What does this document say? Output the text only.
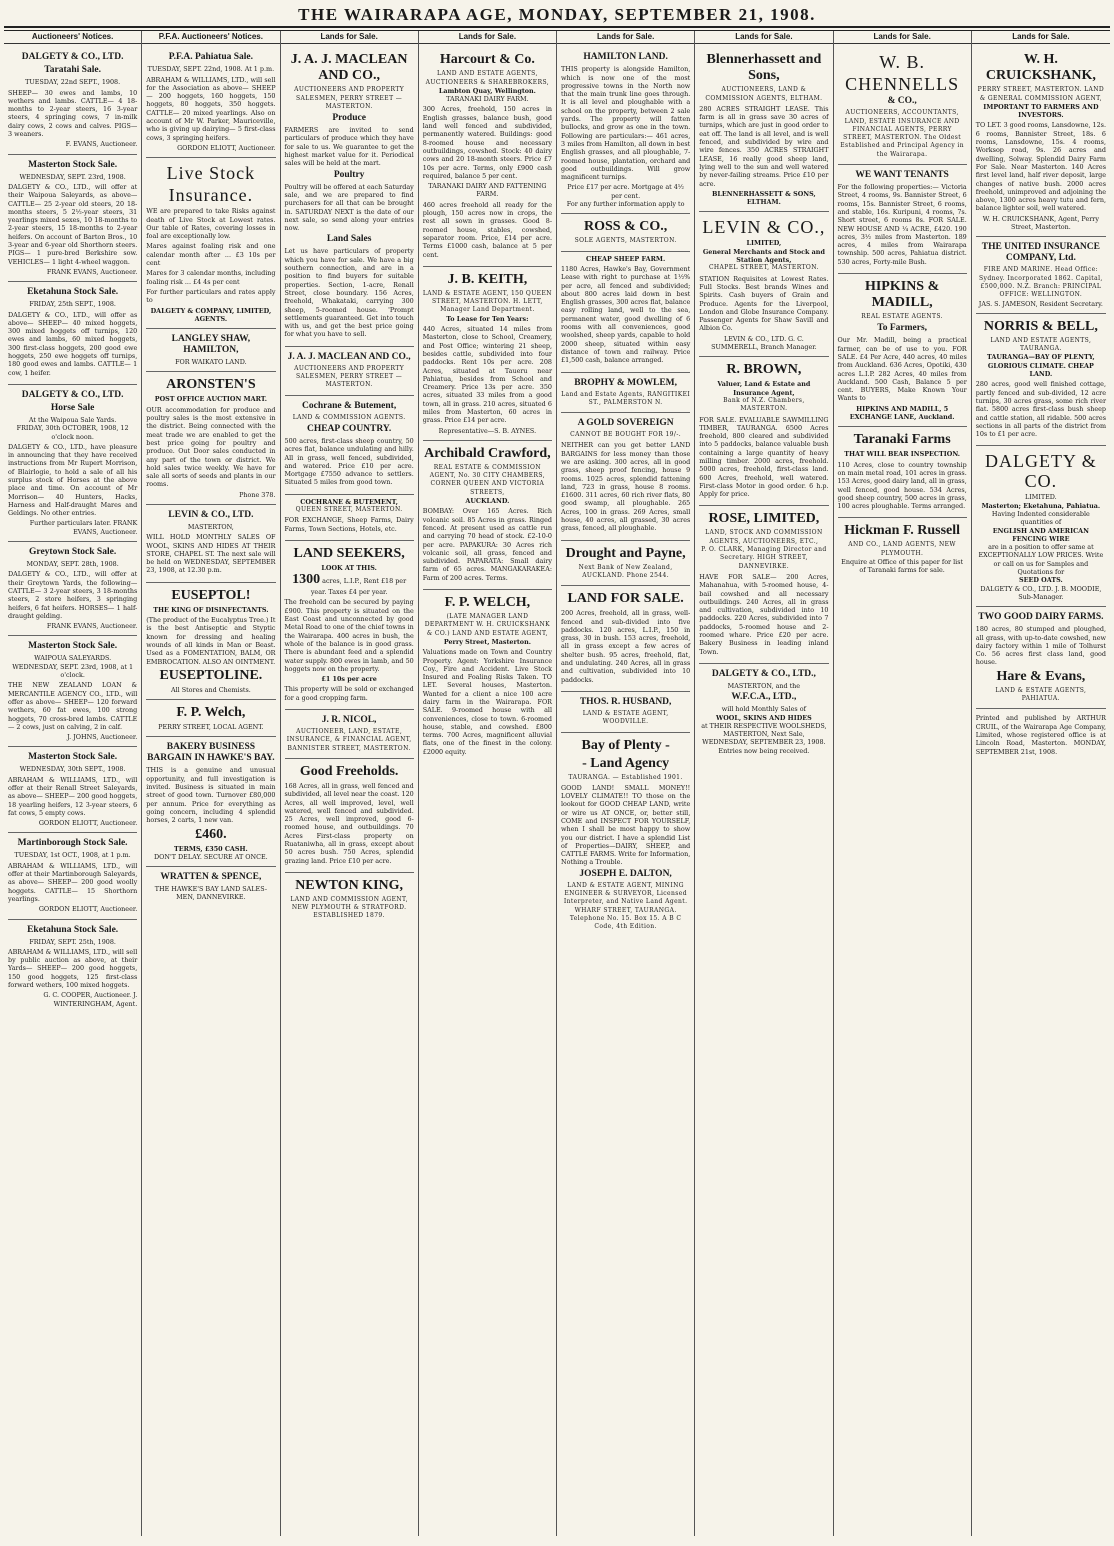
THE WAIRARAPA AGE, MONDAY, SEPTEMBER 21, 1908.
Auctioneers' Notices.
DALGETY & CO., LTD.
Taratahi Sale.
TUESDAY, 22nd SEPT., 1908.

SHEEP— 30 ewes and lambs, 10 wethers and lambs. CATTLE— 4 18-months to 2-year steers, 16 3-year steers, 4 springing cows, 7 in-milk dairy cows, 2 cows and calves. PIGS— 3 weaners.

F. EVANS, Auctioneer.
Masterton Stock Sale.
WEDNESDAY, SEPT. 23rd, 1908.

DALGETY & CO., LTD., will offer at their Waipoua Saleyards, as above— CATTLE— 25 2-year old steers, 20 18-months steers, 5 2½-year steers, 31 yearlings mixed sexes, 10 18-months to 2-year steers, 15 18-months to 2-year heifers. On account of Barton Bros., 10 3-year and 6-year old Shorthorn steers. PIGS— 1 pure-bred Berkshire sow. VEHICLES— 1 light 4-wheel waggon.

FRANK EVANS, Auctioneer.
Eketahuna Stock Sale.
FRIDAY, 25th SEPT., 1908.

DALGETY & CO., LTD., will offer as above— SHEEP— 40 mixed hoggets, 300 mixed hoggets off turnips, 120 ewes and lambs, 60 mixed hoggets, 300 first-class hoggets, 200 good ewe hoggets, 250 ewe hoggets off turnips, 180 good ewes and lambs. CATTLE— 1 cow, 1 heifer.

DALGETY & CO., LTD.
Horse Sale
At the Waipoua Sale Yards.
FRIDAY, 30th OCTOBER, 1908, 12 o'clock noon.

DALGETY & CO., LTD., have pleasure in announcing that they have received instructions from Mr Rupert Morrison, of Blairlogie, to hold a sale of all his surplus stock of Horses at the above place and time. On account of Mr Morrison— 40 Hunters, Hacks, Harness and Half-draught Mares and Geldings. No other entries.

Further particulars later. FRANK EVANS, Auctioneer.
Greytown Stock Sale.
MONDAY, SEPT. 28th, 1908.

DALGETY & CO., LTD., will offer at their Greytown Yards, the following— CATTLE— 3 2-year steers, 3 18-months steers, 2 store heifers, 3 springing heifers, 6 fat heifers. HORSES— 1 half-draught gelding.

FRANK EVANS, Auctioneer.
Masterton Stock Sale.
WAIPOUA SALEYARDS.
WEDNESDAY, SEPT. 23rd, 1908, at 1 o'clock.

THE NEW ZEALAND LOAN & MERCANTILE AGENCY CO., LTD., will offer as above— SHEEP— 120 forward wethers, 60 fat ewes, 100 strong hoggets, 70 cross-bred lambs. CATTLE— 2 cows, just on calving, 2 in calf.

J. JOHNS, Auctioneer.
Masterton Stock Sale.
WEDNESDAY, 30th SEPT., 1908.

ABRAHAM & WILLIAMS, LTD., will offer at their Renall Street Saleyards, as above— SHEEP— 200 good hoggets, 18 yearling heifers, 12 3-year steers, 6 fat cows, 5 empty cows.

GORDON ELIOTT, Auctioneer.
Martinborough Stock Sale.
TUESDAY, 1st OCT., 1908, at 1 p.m.

ABRAHAM & WILLIAMS, LTD., will offer at their Martinborough Saleyards, as above— SHEEP— 200 good woolly hoggets. CATTLE— 15 Shorthorn yearlings.

GORDON ELIOTT, Auctioneer.
Eketahuna Stock Sale.
FRIDAY, SEPT. 25th, 1908.

ABRAHAM & WILLIAMS, LTD., will sell by public auction as above, at their Yards— SHEEP— 200 good hoggets, 150 good hoggets, 125 first-class forward wethers, 100 mixed hoggets.

G. C. COOPER, Auctioneer. J. WINTERINGHAM, Agent.
P.F.A. Auctioneers' Notices.
P.F.A. Pahiatua Sale.
TUESDAY, SEPT. 22nd, 1908. At 1 p.m.

ABRAHAM & WILLIAMS, LTD., will sell for the Association as above— SHEEP— 200 hoggets, 160 hoggets, 150 hoggets, 80 hoggets, 350 hoggets. CATTLE— 20 mixed yearlings. Also on account of Mr W. Parker, Mauriceville, who is giving up dairying— 5 first-class cows, 3 springing heifers.

GORDON ELIOTT, Auctioneer.
Live Stock
Insurance.

WE are prepared to take Risks against death of Live Stock at Lowest rates. Our table of Rates, covering losses in foal are exceptionally low.

Mares against foaling risk and one calendar month after ... £3 10s per cent

Mares for 3 calendar months, including foaling risk ... £4 4s per cent

For further particulars and rates apply to

DALGETY & COMPANY, LIMITED, AGENTS.
LANGLEY SHAW, HAMILTON,
FOR WAIKATO LAND.
ARONSTEN'S
POST OFFICE AUCTION MART.

OUR accommodation for produce and poultry sales is the most extensive in the district. Being connected with the meat trade we are enabled to get the best price going for poultry and produce. Out Door sales conducted in any part of the town or district. We hold sales twice weekly. We have for sale all sorts of seeds and plants in our rooms.

Phone 378.
LEVIN & CO., LTD.
MASTERTON,

WILL HOLD MONTHLY SALES OF WOOL, SKINS AND HIDES AT THEIR STORE, CHAPEL ST. The next sale will be held on WEDNESDAY, SEPTEMBER 23, 1908, at 12.30 p.m.

EUSEPTOL!
THE KING OF DISINFECTANTS.

(The product of the Eucalyptus Tree.) It is the best Antiseptic and Styptic known for dressing and healing wounds of all kinds in Man or Beast. Used as a FOMENTATION, BALM, OR EMBROCATION. ALSO AN OINTMENT.

EUSEPTOLINE.
All Stores and Chemists.
F. P. Welch,
PERRY STREET, LOCAL AGENT.
BAKERY BUSINESS BARGAIN IN HAWKE'S BAY.

THIS is a genuine and unusual opportunity, and full investigation is invited. Business is situated in main street of good town. Turnover £80,000 per annum. Price for everything as going concern, including 4 splendid horses, 2 carts, 1 new van.

£460.
TERMS, £350 CASH.
DON'T DELAY. SECURE AT ONCE.
WRATTEN & SPENCE,
THE HAWKE'S BAY LAND SALES-MEN, DANNEVIRKE.
Lands for Sale.
J. A. J. MACLEAN AND CO.,
AUCTIONEERS AND PROPERTY SALESMEN, PERRY STREET — MASTERTON.
Produce

FARMERS are invited to send particulars of produce which they have for sale to us. We guarantee to get the highest market value for it. Periodical sales will be held at the mart.

Poultry

Poultry will be offered at each Saturday sale, and we are prepared to find purchasers for all that can be brought in. SATURDAY NEXT is the date of our next sale, so send along your entries now.

Land Sales

Let us have particulars of property which you have for sale. We have a big southern connection, and are in a position to find buyers for suitable properties. Section, 1-acre, Renall Street, close boundary. 156 Acres, freehold, Whakataki, carrying 300 sheep, 5-roomed house. 'Prompt settlements guaranteed. Get into touch with us, and get the best price going for what you have to sell.

J. A. J. MACLEAN AND CO.,
AUCTIONEERS AND PROPERTY SALESMEN, PERRY STREET — MASTERTON.
Cochrane & Butement,
LAND & COMMISSION AGENTS.
CHEAP COUNTRY.

500 acres, first-class sheep country, 50 acres flat, balance undulating and hilly. All in grass, well fenced, subdivided, and watered. Price £10 per acre. Mortgage £7550 advance to settlers. Situated 5 miles from good town.

COCHRANE & BUTEMENT,
QUEEN STREET, MASTERTON.

FOR EXCHANGE, Sheep Farms, Dairy Farms, Town Sections, Hotels, etc.

LAND SEEKERS,
LOOK AT THIS.
1300 acres, L.I.P., Rent £18 per year. Taxes £4 per year.

The freehold can be secured by paying £900. This property is situated on the East Coast and unconnected by good Metal Road to one of the chief towns in the Wairarapa. 400 acres in bush, the whole of the balance is in good grass. There is abundant feed and a splendid water supply. 800 ewes in lamb, and 50 hoggets now on the property.

£1 10s per acre

This property will be sold or exchanged for a good cropping farm.

J. R. NICOL,
AUCTIONEER, LAND, ESTATE, INSURANCE, & FINANCIAL AGENT, BANNISTER STREET, MASTERTON.
Good Freeholds.

168 Acres, all in grass, well fenced and subdivided, all level near the coast. 120 Acres, all well improved, level, well watered, well fenced and subdivided. 25 Acres, well improved, good 6-roomed house, and outbuildings. 70 Acres First-class property on Ruataniwha, all in grass, except about 50 acres bush. 750 Acres, splendid grazing land. Price £10 per acre.

NEWTON KING,
LAND AND COMMISSION AGENT, NEW PLYMOUTH & STRATFORD. ESTABLISHED 1879.
Lands for Sale.
Harcourt & Co.
LAND AND ESTATE AGENTS, AUCTIONEERS & SHAREBROKERS,
Lambton Quay, Wellington.
TARANAKI DAIRY FARM.

300 Acres, freehold, 150 acres in English grasses, balance bush, good land well fenced and subdivided, permanently watered. Buildings: good 8-roomed house and necessary outbuildings, cowshed. Stock: 40 dairy cows and 20 18-month steers. Price £7 10s per acre. Terms, only £900 cash required, balance 5 per cent.

TARANAKI DAIRY AND FATTENING FARM.

460 acres freehold all ready for the plough, 150 acres now in crops, the rest all sown in grasses. Good 8-roomed house, stables, cowshed, separator room. Price, £14 per acre. Terms £1000 cash, balance at 5 per cent.

J. B. KEITH,
LAND & ESTATE AGENT, 150 QUEEN STREET, MASTERTON. H. LETT, Manager Land Department.
To Lease for Ten Years:

440 Acres, situated 14 miles from Masterton, close to School, Creamery, and Post Office; wintering 21 sheep, besides cattle, subdivided into four paddocks. Rent 10s per acre. 208 Acres, situated at Taueru near Pahiatua, besides from School and Creamery. Price 13s per acre. 350 acres, situated 33 miles from a good town, all in grass. 210 acres, situated 6 miles from Masterton, 60 acres in grass. Price £14 per acre.

Representative—S. B. AYNES.
Archibald Crawford,
REAL ESTATE & COMMISSION AGENT, No. 30 CITY CHAMBERS, CORNER QUEEN AND VICTORIA STREETS,
AUCKLAND.

BOMBAY: Over 165 Acres. Rich volcanic soil. 85 Acres in grass. Ringed fenced. At present used as cattle run and carrying 70 head of stock. £2-10-0 per acre. PAPAKURA: 30 Acres rich volcanic soil, all grass, fenced and subdivided. PAPARATA: Small dairy farm of 65 acres. MANGAKARAKEA: Farm of 200 acres. Terms.

F. P. WELCH,
(LATE MANAGER LAND DEPARTMENT W. H. CRUICKSHANK & CO.) LAND AND ESTATE AGENT,
Perry Street, Masterton.

Valuations made on Town and Country Property. Agent: Yorkshire Insurance Coy., Fire and Accident. Live Stock Insured and Foaling Risks Taken. TO LET. Several houses, Masterton. Wanted for a client a nice 100 acre dairy farm in the Wairarapa. FOR SALE. 9-roomed house with all conveniences, close to town. 6-roomed house, stable, and cowshed. £800 terms. 700 Acres, magnificent alluvial flats, one of the finest in the colony. £2000 equity.

Lands for Sale.
HAMILTON LAND.

THIS property is alongside Hamilton, which is now one of the most progressive towns in the North now that the main trunk line goes through. It is all level and ploughable with a school on the property, between 2 sale yards. The property will fatten bullocks, and grow as one in the town. Following are particulars:— 461 acres, 3 miles from Hamilton, all down in best English grasses, and all ploughable, 7-roomed house, plantation, orchard and good outbuildings. Will grow magnificent turnips.

Price £17 per acre. Mortgage at 4½ per cent.
For any further information apply to
ROSS & CO.,
SOLE AGENTS, MASTERTON.
CHEAP SHEEP FARM.

1180 Acres, Hawke's Bay, Government Lease with right to purchase at 1½% per acre, all fenced and subdivided; about 800 acres laid down in best English grasses, 300 acres flat, balance easy rolling land, well to the sea, permanent water, good dwelling of 6 rooms with all conveniences, good woolshed, sheep yards, capable to hold 2000 sheep, situated within easy distance of town and railway. Price £1,500 cash, balance arranged.

BROPHY & MOWLEM,
Land and Estate Agents, RANGITIKEI ST., PALMERSTON N.
A GOLD SOVEREIGN
CANNOT BE BOUGHT FOR 19/-.

NEITHER can you get better LAND BARGAINS for less money than those we are asking. 300 acres, all in good grass, sheep proof fencing, house 9 rooms. 1025 acres, splendid fattening land, 723 in grass, house 8 rooms. £1600. 311 acres, 60 rich river flats, 80 good swamp, all ploughable. 265 Acres, 100 in grass. 269 Acres, small house, 40 acres, all grassed, 30 acres grass, fenced, all ploughable.

Drought and Payne,
Next Bank of New Zealand, AUCKLAND. Phone 2544.
LAND FOR SALE.

200 Acres, freehold, all in grass, well-fenced and sub-divided into five paddocks. 120 acres, L.I.P., 150 in grass, 30 in bush. 153 acres, freehold, all in grass except a few acres of shelter bush. 95 acres, freehold, flat, and undulating. 240 Acres, all in grass and cultivation, subdivided into 10 paddocks.

THOS. R. HUSBAND,
LAND & ESTATE AGENT, WOODVILLE.
Bay of Plenty -
- Land Agency
TAURANGA. — Established 1901.

GOOD LAND! SMALL MONEY!! LOVELY CLIMATE!! TO those on the lookout for GOOD CHEAP LAND, write or wire us AT ONCE, or, better still, COME and INSPECT FOR YOURSELF, when I shall be most happy to show you our district. I have a splendid List of Properties—DAIRY, SHEEP, and CATTLE FARMS. Write for Information, Nothing a Trouble.

JOSEPH E. DALTON,
LAND & ESTATE AGENT, MINING ENGINEER & SURVEYOR, Licensed Interpreter, and Native Land Agent. WHARF STREET, TAURANGA. Telephone No. 15. Box 15. A B C Code, 4th Edition.
Lands for Sale.
Blennerhassett and Sons,
AUCTIONEERS, LAND & COMMISSION AGENTS, ELTHAM.

280 ACRES STRAIGHT LEASE. This farm is all in grass save 30 acres of turnips, which are just in good order to eat off. The land is all level, and is well fenced, and subdivided by wire and wire fences. 350 ACRES STRAIGHT LEASE, 16 really good sheep land, lying well to the sun and well watered by never-failing streams. Price £10 per acre.

BLENNERHASSETT & SONS, ELTHAM.
LEVIN & CO.,
LIMITED,
General Merchants and Stock and Station Agents,
CHAPEL STREET, MASTERTON.

STATION Requisites at Lowest Rates. Full Stocks. Best brands Wines and Spirits. Cash buyers of Grain and Produce. Agents for the Liverpool, London and Globe Insurance Company. Passenger Agents for Shaw Savill and Albion Co.

LEVIN & CO., LTD. G. C. SUMMERELL, Branch Manager.
R. BROWN,
Valuer, Land & Estate and Insurance Agent,
Bank of N.Z. Chambers, MASTERTON.

FOR SALE. EVALUABLE SAWMILLING TIMBER, TAURANGA. 6500 Acres freehold, 800 cleared and subdivided into 5 paddocks, balance valuable bush containing a large quantity of heavy milling timber. 2000 acres, freehold. 5000 acres, freehold, first-class land. 600 Acres, freehold, well watered. First-class Motor in good order. 6 h.p. Apply for price.

ROSE, LIMITED,
LAND, STOCK AND COMMISSION AGENTS, AUCTIONEERS, ETC.,
P. O. CLARK, Managing Director and Secretary. HIGH STREET, DANNEVIRKE.

HAVE FOR SALE— 200 Acres, Mahanahua, with 5-roomed house, 4-bail cowshed and all necessary outbuildings. 240 Acres, all in grass and cultivation, subdivided into 10 paddocks. 220 Acres, subdivided into 7 paddocks, 5-roomed house and 2-roomed whare. Price £20 per acre. Bakery Business in leading inland Town.

DALGETY & CO., LTD.,
MASTERTON, and the
W.F.C.A., LTD.,
will hold Monthly Sales of
WOOL, SKINS AND HIDES
at THEIR RESPECTIVE WOOLSHEDS, MASTERTON, Next Sale, WEDNESDAY, SEPTEMBER 23, 1908. Entries now being received.
Lands for Sale.
W. B.
CHENNELLS
& CO.,
AUCTIONEERS, ACCOUNTANTS, LAND, ESTATE INSURANCE AND FINANCIAL AGENTS, PERRY STREET, MASTERTON. The Oldest Established and Principal Agency in the Wairarapa.
WE WANT TENANTS

For the following properties:— Victoria Street, 4 rooms, 9s. Bannister Street, 6 rooms, 15s. Bannister Street, 6 rooms, and stable, 16s. Kuripuni, 4 rooms, 7s. Short street, 6 rooms 8s. FOR SALE. NEW HOUSE AND ¼ ACRE, £420. 190 acres, 3½ miles from Masterton. 189 acres, 4 miles from Wairarapa township. 500 acres, Pahiatua district. 530 acres, Forty-mile Bush.

HIPKINS & MADILL,
REAL ESTATE AGENTS.
To Farmers,

Our Mr. Madill, being a practical farmer, can be of use to you. FOR SALE. £4 Per Acre, 440 acres, 40 miles from Auckland. 636 Acres, Opotiki, 430 acres L.I.P. 282 Acres, 40 miles from Auckland. 500 Cash, Balance 5 per cent. BUYERS, Make Known Your Wants to

HIPKINS AND MADILL, 5 EXCHANGE LANE, Auckland.
Taranaki Farms
THAT WILL BEAR INSPECTION.

110 Acres, close to country township on main metal road, 101 acres in grass. 153 Acres, good dairy land, all in grass, well fenced, good house. 534 Acres, good sheep country, 500 acres in grass, 100 acres ploughable. Terms arranged.

Hickman F. Russell
AND CO., LAND AGENTS, NEW PLYMOUTH.
Enquire at Office of this paper for list of Taranaki farms for sale.
Lands for Sale.
W. H. CRUICKSHANK,
PERRY STREET, MASTERTON. LAND & GENERAL COMMISSION AGENT,
IMPORTANT TO FARMERS AND INVESTORS.

TO LET. 3 good rooms, Lansdowne, 12s. 6 rooms, Bannister Street, 18s. 6 rooms, Lansdowne, 15s. 4 rooms, Worksop road, 9s. 26 acres and dwelling, Solway. Splendid Dairy Farm For Sale. Near Masterton. 140 Acres first level land, half river deposit, large changes of native bush. 2000 acres freehold, unimproved and adjoining the above, 1300 acres heavy tutu and fern, balance lighter soil, well watered.

W. H. CRUICKSHANK, Agent, Perry Street, Masterton.
THE UNITED INSURANCE COMPANY, Ltd.
FIRE AND MARINE. Head Office: Sydney. Incorporated 1862. Capital, £500,000. N.Z. Branch: PRINCIPAL OFFICE: WELLINGTON.
JAS. S. JAMESON, Resident Secretary.
NORRIS & BELL,
LAND AND ESTATE AGENTS, TAURANGA.
TAURANGA—BAY OF PLENTY, GLORIOUS CLIMATE. CHEAP LAND.

280 acres, good well finished cottage, partly fenced and sub-divided, 12 acre turnips, 30 acres grass, some rich river flat. 5800 acres first-class bush sheep and cattle station, all ridable. 500 acres sections in all parts of the district from 10s to £1 per acre.

DALGETY & CO.
LIMITED.
Masterton; Eketahuna, Pahiatua.
Having Indented considerable quantities of
ENGLISH AND AMERICAN FENCING WIRE
are in a position to offer same at EXCEPTIONALLY LOW PRICES. Write or call on us for Samples and Quotations for
SEED OATS.
DALGETY & CO., LTD. J. B. MOODIE, Sub-Manager.
TWO GOOD DAIRY FARMS.

180 acres, 80 stumped and ploughed, all grass, with up-to-date cowshed, new dairy factory within 1 mile of Tolhurst Co. 56 acres first class land, good house.

Hare & Evans,
LAND & ESTATE AGENTS, PAHIATUA.

Printed and published by ARTHUR CRUIL, of the Wairarapa Age Company, Limited, whose registered office is at Lincoln Road, Masterton. MONDAY, SEPTEMBER 21st, 1908.
